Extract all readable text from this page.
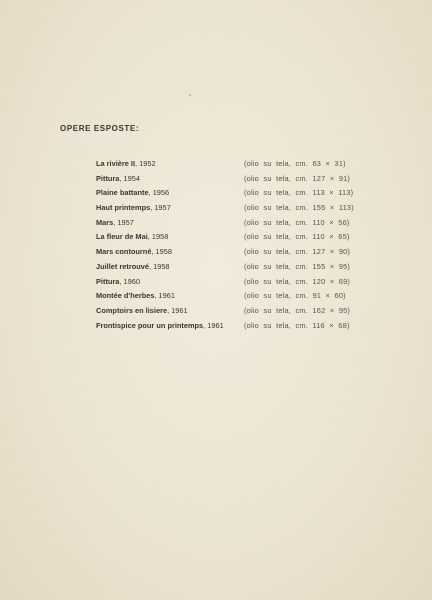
OPERE ESPOSTE:
La rivière II, 1952	(olio su tela, cm. 63 × 31)
Pittura, 1954	(olio su tela, cm. 127 × 91)
Plaine battante, 1956	(olio su tela, cm. 113 × 113)
Haut printemps, 1957	(olio su tela, cm. 155 × 113)
Mars, 1957	(olio su tela, cm. 110 × 56)
La fleur de Mai, 1958	(olio su tela, cm. 110 × 65)
Mars contourné, 1958	(olio su tela, cm. 127 × 90)
Juillet retrouvé, 1958	(olio su tela, cm. 155 × 95)
Pittura, 1960	(olio su tela, cm. 120 × 69)
Montée d'herbes, 1961	(olio su tela, cm. 91 × 60)
Comptoirs en lisiere, 1961	(olio su tela, cm. 162 × 95)
Frontispice pour un printemps, 1961	(olio su tela, cm. 116 × 68)
